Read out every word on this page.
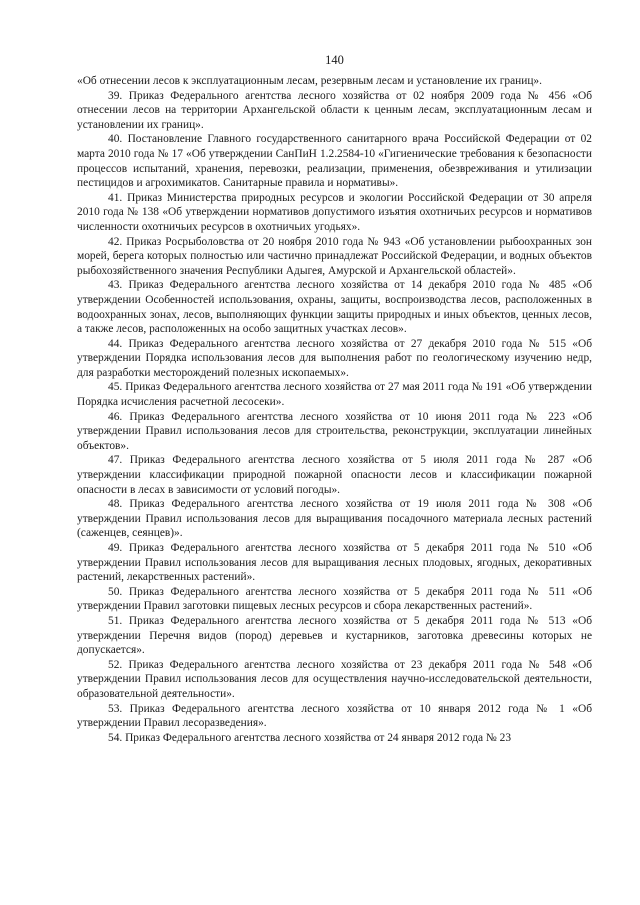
140

«Об отнесении лесов к эксплуатационным лесам, резервным лесам и установление их границ».

39. Приказ Федерального агентства лесного хозяйства от 02 ноября 2009 года № 456 «Об отнесении лесов на территории Архангельской области к ценным лесам, эксплуатационным лесам и установлении их границ».

40. Постановление Главного государственного санитарного врача Российской Федерации от 02 марта 2010 года № 17 «Об утверждении СанПиН 1.2.2584-10 «Гигиенические требования к безопасности процессов испытаний, хранения, перевозки, реализации, применения, обезвреживания и утилизации пестицидов и агрохимикатов. Санитарные правила и нормативы».

41. Приказ Министерства природных ресурсов и экологии Российской Федерации от 30 апреля 2010 года № 138 «Об утверждении нормативов допустимого изъятия охотничьих ресурсов и нормативов численности охотничьих ресурсов в охотничьих угодьях».

42. Приказ Росрыболовства от 20 ноября 2010 года № 943 «Об установлении рыбоохранных зон морей, берега которых полностью или частично принадлежат Российской Федерации, и водных объектов рыбохозяйственного значения Республики Адыгея, Амурской и Архангельской областей».

43. Приказ Федерального агентства лесного хозяйства от 14 декабря 2010 года № 485 «Об утверждении Особенностей использования, охраны, защиты, воспроизводства лесов, расположенных в водоохранных зонах, лесов, выполняющих функции защиты природных и иных объектов, ценных лесов, а также лесов, расположенных на особо защитных участках лесов».

44. Приказ Федерального агентства лесного хозяйства от 27 декабря 2010 года № 515 «Об утверждении Порядка использования лесов для выполнения работ по геологическому изучению недр, для разработки месторождений полезных ископаемых».

45. Приказ Федерального агентства лесного хозяйства от 27 мая 2011 года № 191 «Об утверждении Порядка исчисления расчетной лесосеки».

46. Приказ Федерального агентства лесного хозяйства от 10 июня 2011 года № 223 «Об утверждении Правил использования лесов для строительства, реконструкции, эксплуатации линейных объектов».

47. Приказ Федерального агентства лесного хозяйства от 5 июля 2011 года № 287 «Об утверждении классификации природной пожарной опасности лесов и классификации пожарной опасности в лесах в зависимости от условий погоды».

48. Приказ Федерального агентства лесного хозяйства от 19 июля 2011 года № 308 «Об утверждении Правил использования лесов для выращивания посадочного материала лесных растений (саженцев, сеянцев)».

49. Приказ Федерального агентства лесного хозяйства от 5 декабря 2011 года № 510 «Об утверждении Правил использования лесов для выращивания лесных плодовых, ягодных, декоративных растений, лекарственных растений».

50. Приказ Федерального агентства лесного хозяйства от 5 декабря 2011 года № 511 «Об утверждении Правил заготовки пищевых лесных ресурсов и сбора лекарственных растений».

51. Приказ Федерального агентства лесного хозяйства от 5 декабря 2011 года № 513 «Об утверждении Перечня видов (пород) деревьев и кустарников, заготовка древесины которых не допускается».

52. Приказ Федерального агентства лесного хозяйства от 23 декабря 2011 года № 548 «Об утверждении Правил использования лесов для осуществления научно-исследовательской деятельности, образовательной деятельности».

53. Приказ Федерального агентства лесного хозяйства от 10 января 2012 года № 1 «Об утверждении Правил лесоразведения».

54. Приказ Федерального агентства лесного хозяйства от 24 января 2012 года № 23
